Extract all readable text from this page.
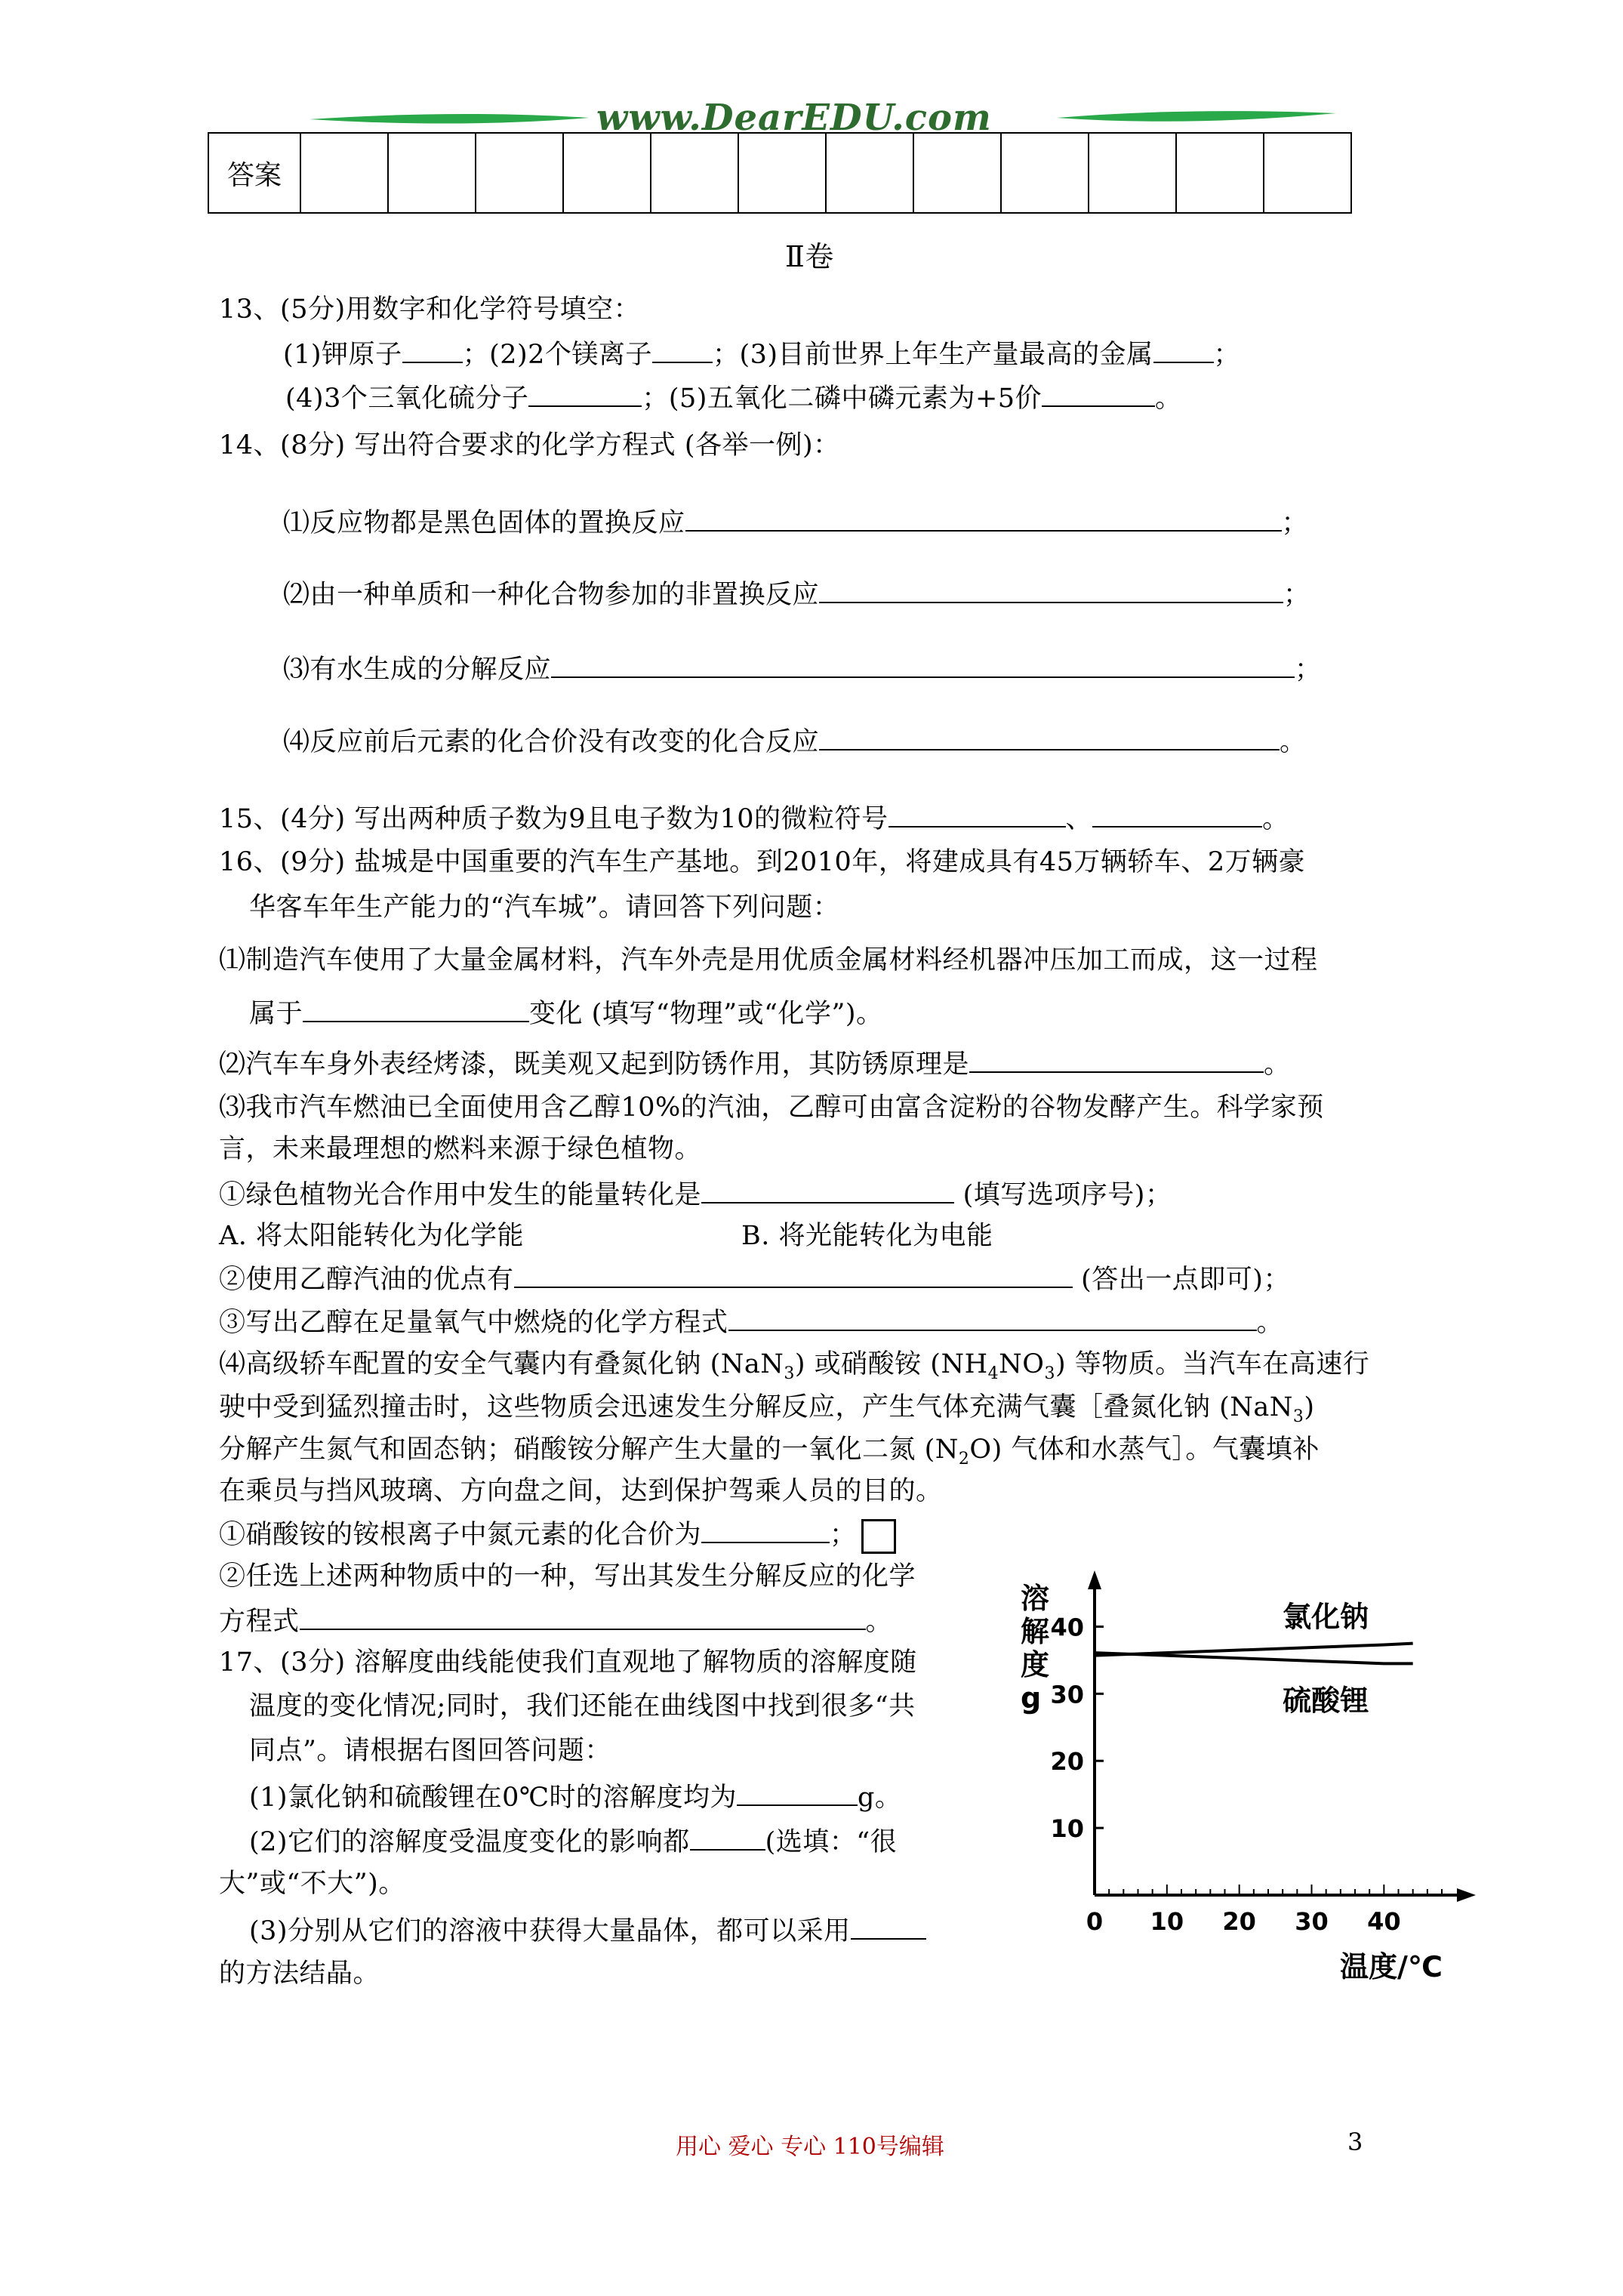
www.DearEDU.com
答案												
Ⅱ卷
13、(5分)用数字和化学符号填空：
(1)钾原子 ；(2)2个镁离子 ；(3)目前世界上年生产量最高的金属 ；
(4)3个三氧化硫分子	；(5)五氧化二磷中磷元素为+5价	。
14、(8分) 写出符合要求的化学方程式 (各举一例)：
⑴反应物都是黑色固体的置换反应	；
⑵由一种单质和一种化合物参加的非置换反应	；
⑶有水生成的分解反应	；
⑷反应前后元素的化合价没有改变的化合反应	。
15、(4分) 写出两种质子数为9且电子数为10的微粒符号	、	。
16、(9分) 盐城是中国重要的汽车生产基地。到2010年，将建成具有45万辆轿车、2万辆豪
华客车年生产能力的“汽车城”。请回答下列问题：
⑴制造汽车使用了大量金属材料，汽车外壳是用优质金属材料经机器冲压加工而成，这一过程
属于	变化 (填写“物理”或“化学”)。
⑵汽车车身外表经烤漆，既美观又起到防锈作用，其防锈原理是	。
⑶我市汽车燃油已全面使用含乙醇10%的汽油，乙醇可由富含淀粉的谷物发酵产生。科学家预
言，未来最理想的燃料来源于绿色植物。
①绿色植物光合作用中发生的能量转化是	(填写选项序号)；
A. 将太阳能转化为化学能	B. 将光能转化为电能
②使用乙醇汽油的优点有	(答出一点即可)；
③写出乙醇在足量氧气中燃烧的化学方程式	。
⑷高级轿车配置的安全气囊内有叠氮化钠 (NaN$_3$) 或硝酸铵 $(NH_4NO_3)$ 等物质。当汽车在高速行
驶中受到猛烈撞击时，这些物质会迅速发生分解反应，产生气体充满气囊［叠氮化钠 (NaN$_3$)
分解产生氮气和固态钠；硝酸铵分解产生大量的一氧化二氮 $(N_2O)$ 气体和水蒸气］。气囊填补
在乘员与挡风玻璃、方向盘之间，达到保护驾乘人员的目的。
①硝酸铵的铵根离子中氮元素的化合价为	；
②任选上述两种物质中的一种，写出其发生分解反应的化学
方程式	。
17、(3分) 溶解度曲线能使我们直观地了解物质的溶解度随
温度的变化情况;同时，我们还能在曲线图中找到很多“共
同点”。请根据右图回答问题：
(1)氯化钠和硫酸锂在0℃时的溶解度均为	g。
(2)它们的溶解度受温度变化的影响都	(选填：“很
大”或“不大”)。
(3)分别从它们的溶液中获得大量晶体，都可以采用
的方法结晶。
溶解度 g
温度/℃
10
20
30
40
0 10 20 30 40
氯化钠
硫酸锂
用心 爱心 专心 110号编辑	3
